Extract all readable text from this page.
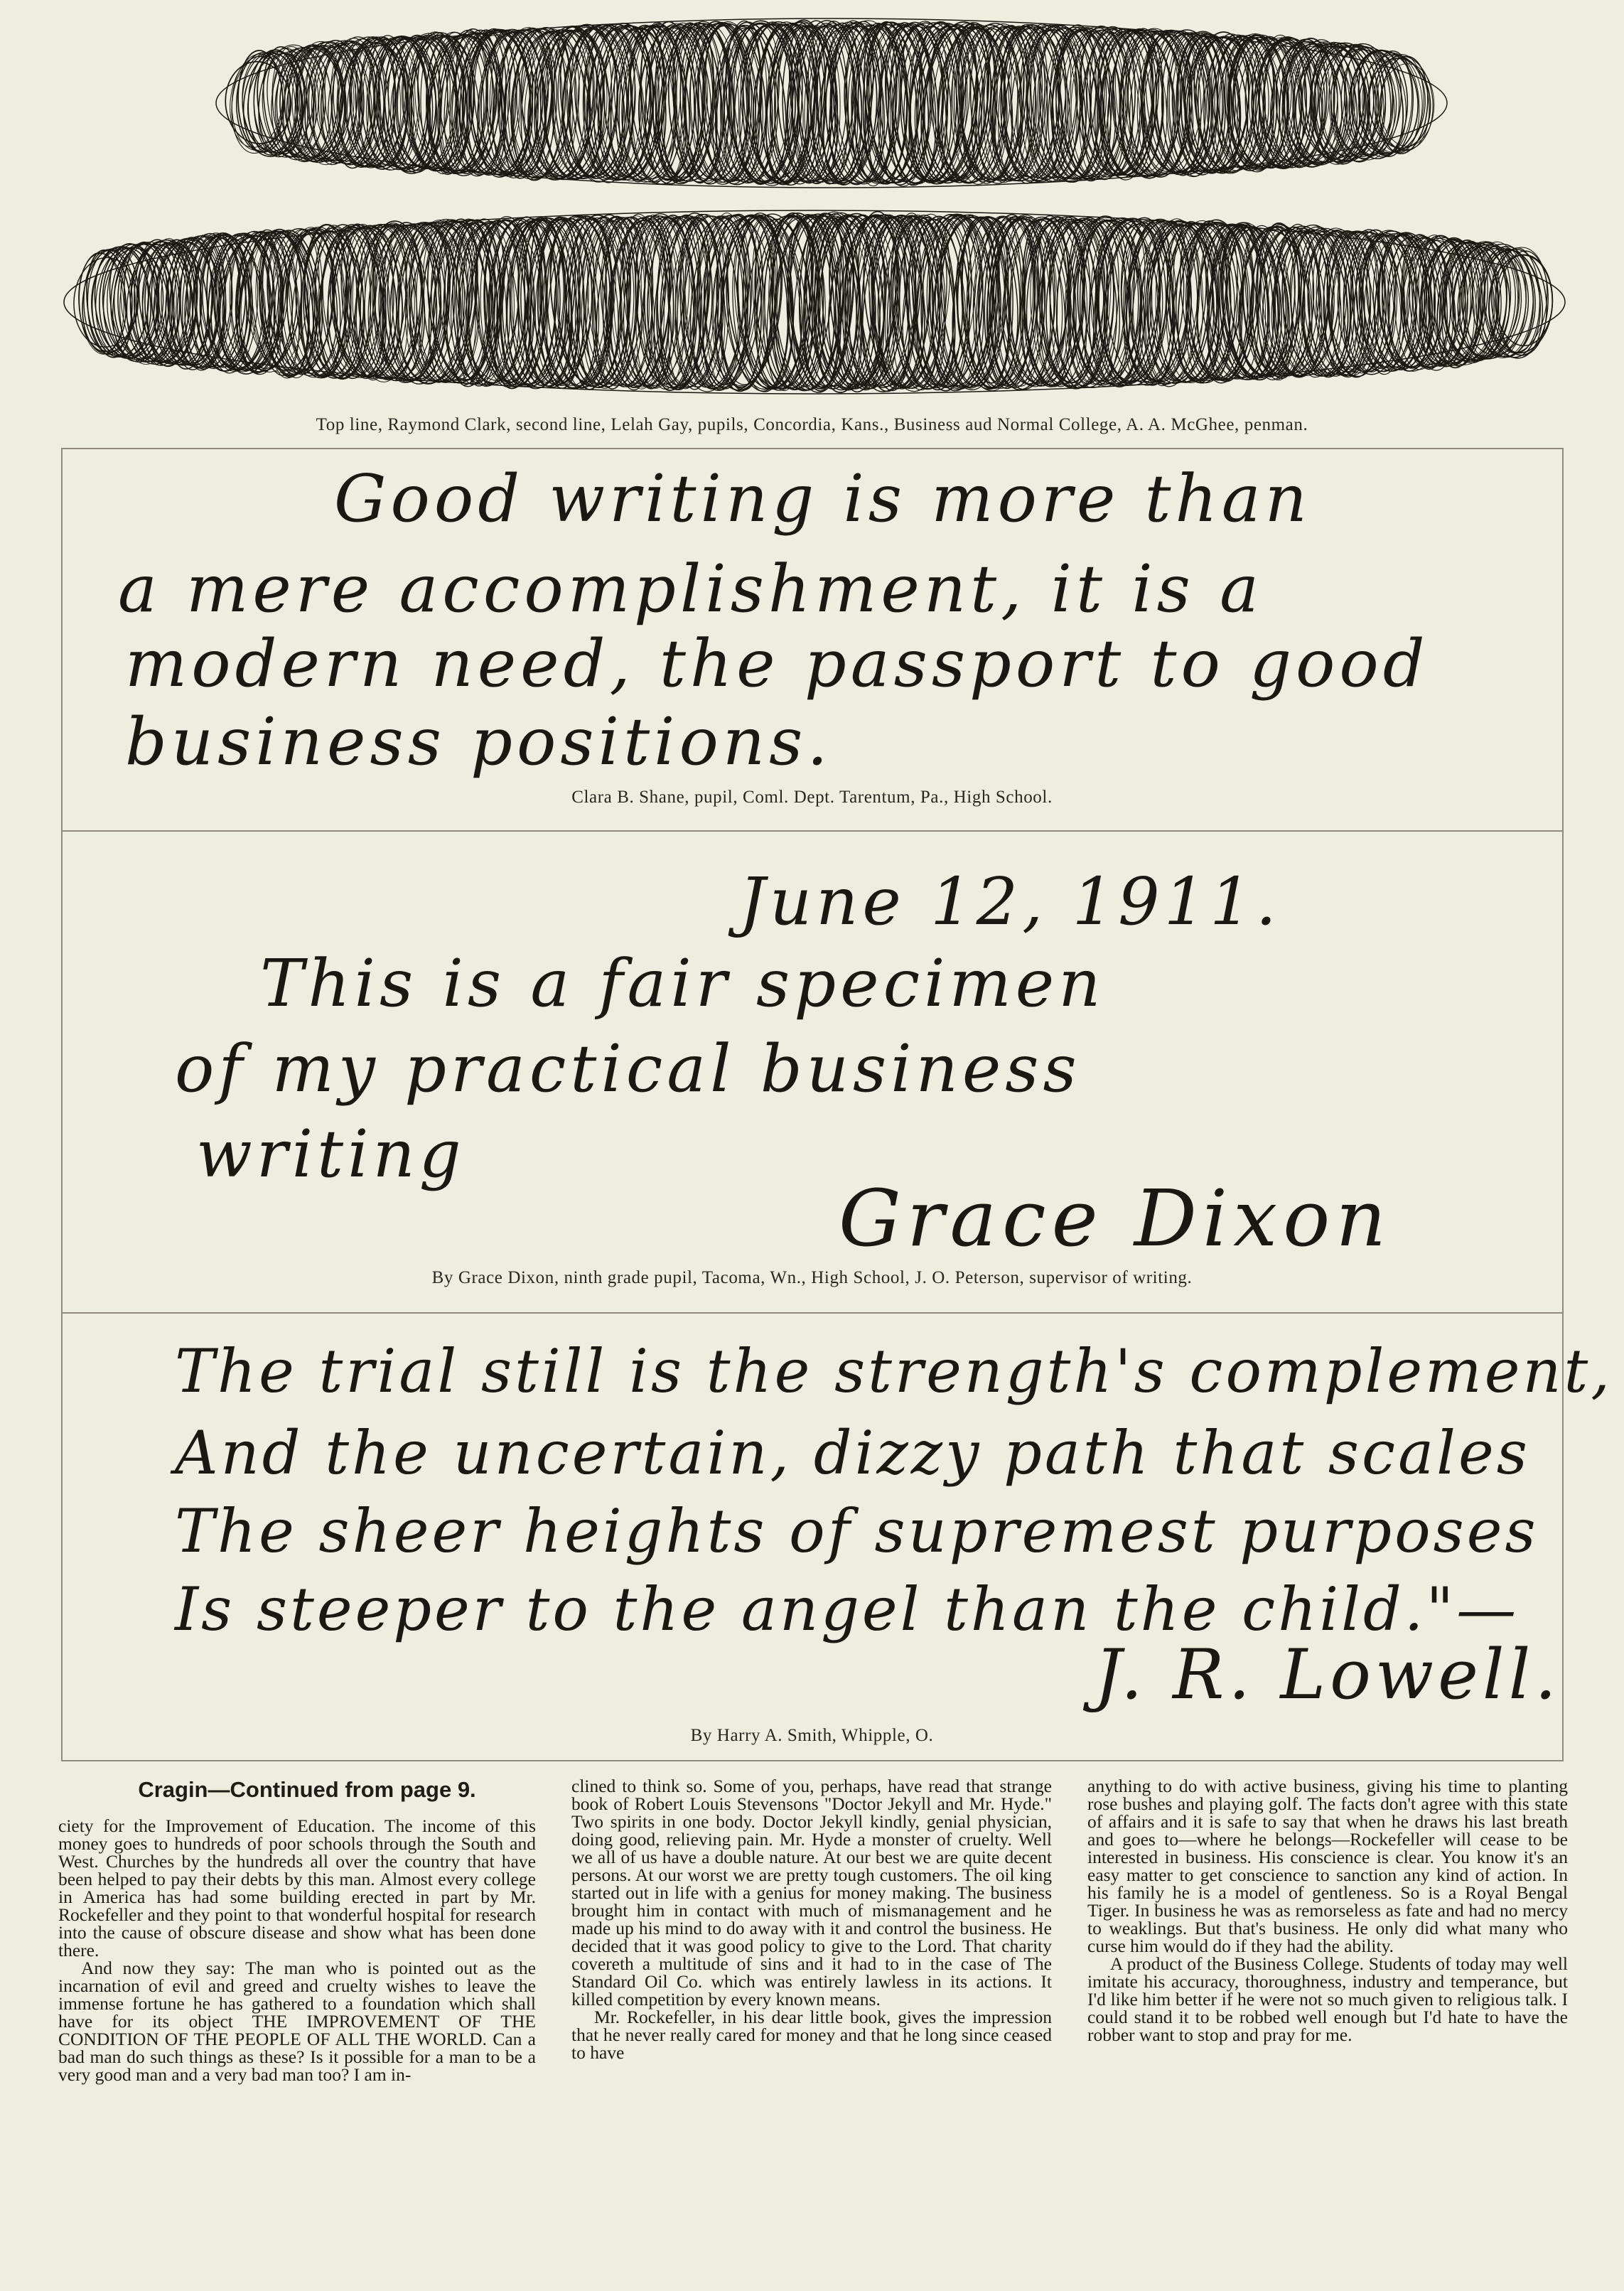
Top line, Raymond Clark, second line, Lelah Gay, pupils, Concordia, Kans., Business aud Normal College, A. A. McGhee, penman.
Good writing is more than
a mere accomplishment, it is a
modern need, the passport to good
business positions.
Clara B. Shane, pupil, Coml. Dept. Tarentum, Pa., High School.
June 12, 1911.
This is a fair specimen
of my practical business
writing
Grace Dixon
By Grace Dixon, ninth grade pupil, Tacoma, Wn., High School, J. O. Peterson, supervisor of writing.
The trial still is the strength's complement,
And the uncertain, dizzy path that scales
The sheer heights of supremest purposes
Is steeper to the angel than the child."—
J. R. Lowell.
By Harry A. Smith, Whipple, O.
Cragin—Continued from page 9.

ciety for the Improvement of Education. The income of this money goes to hundreds of poor schools through the South and West. Churches by the hundreds all over the country that have been helped to pay their debts by this man. Almost every college in America has had some building erected in part by Mr. Rockefeller and they point to that wonderful hospital for research into the cause of obscure disease and show what has been done there.

And now they say: The man who is pointed out as the incarnation of evil and greed and cruelty wishes to leave the immense fortune he has gathered to a foundation which shall have for its object THE IMPROVEMENT OF THE CONDITION OF THE PEOPLE OF ALL THE WORLD. Can a bad man do such things as these? Is it possible for a man to be a very good man and a very bad man too? I am in-

clined to think so. Some of you, perhaps, have read that strange book of Robert Louis Stevensons "Doctor Jekyll and Mr. Hyde." Two spirits in one body. Doctor Jekyll kindly, genial physician, doing good, relieving pain. Mr. Hyde a monster of cruelty. Well we all of us have a double nature. At our best we are quite decent persons. At our worst we are pretty tough customers. The oil king started out in life with a genius for money making. The business brought him in contact with much of mismanagement and he made up his mind to do away with it and control the business. He decided that it was good policy to give to the Lord. That charity covereth a multitude of sins and it had to in the case of The Standard Oil Co. which was entirely lawless in its actions. It killed competition by every known means.

Mr. Rockefeller, in his dear little book, gives the impression that he never really cared for money and that he long since ceased to have

anything to do with active business, giving his time to planting rose bushes and playing golf. The facts don't agree with this state of affairs and it is safe to say that when he draws his last breath and goes to—where he belongs—Rockefeller will cease to be interested in business. His conscience is clear. You know it's an easy matter to get conscience to sanction any kind of action. In his family he is a model of gentleness. So is a Royal Bengal Tiger. In business he was as remorseless as fate and had no mercy to weaklings. But that's business. He only did what many who curse him would do if they had the ability.

A product of the Business College. Students of today may well imitate his accuracy, thoroughness, industry and temperance, but I'd like him better if he were not so much given to religious talk. I could stand it to be robbed well enough but I'd hate to have the robber want to stop and pray for me.
